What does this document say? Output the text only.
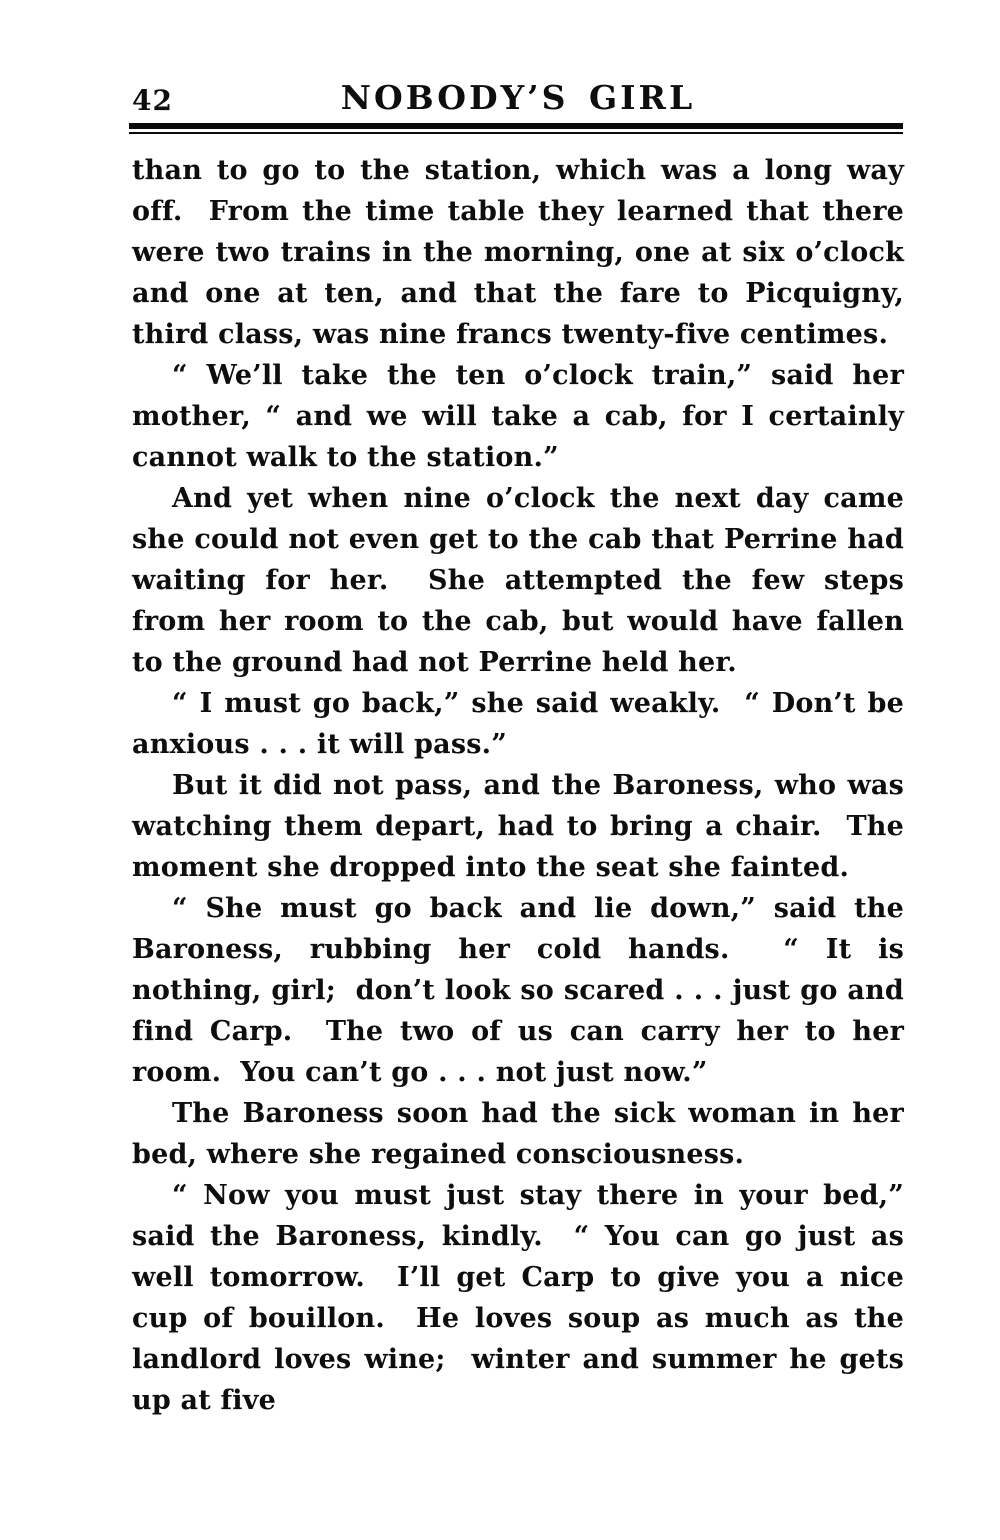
42	NOBODY’S GIRL

than to go to the station, which was a long way off.  From the time table they learned that there were two trains in the morning, one at six o’clock and one at ten, and that the fare to Picquigny, third class, was nine francs twenty-five centimes.

“ We’ll take the ten o’clock train,” said her mother, “ and we will take a cab, for I certainly cannot walk to the station.”

And yet when nine o’clock the next day came she could not even get to the cab that Perrine had waiting for her.  She attempted the few steps from her room to the cab, but would have fallen to the ground had not Perrine held her.

“ I must go back,” she said weakly.  “ Don’t be anxious . . . it will pass.”

But it did not pass, and the Baroness, who was watching them depart, had to bring a chair.  The moment she dropped into the seat she fainted.

“ She must go back and lie down,” said the Baroness, rubbing her cold hands.  “ It is nothing, girl;  don’t look so scared . . . just go and find Carp.  The two of us can carry her to her room.  You can’t go . . . not just now.”

The Baroness soon had the sick woman in her bed, where she regained consciousness.

“ Now you must just stay there in your bed,” said the Baroness, kindly.  “ You can go just as well tomorrow.  I’ll get Carp to give you a nice cup of bouillon.  He loves soup as much as the landlord loves wine;  winter and summer he gets up at five
